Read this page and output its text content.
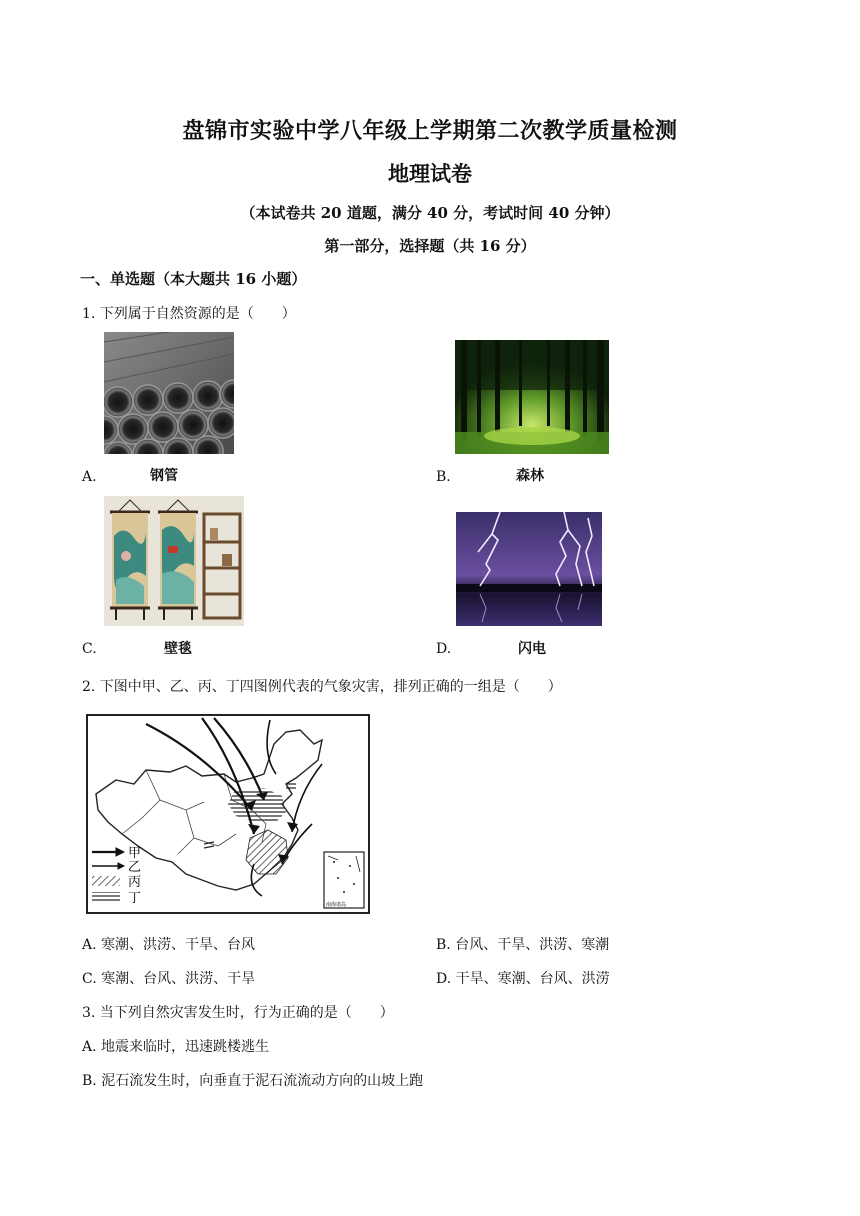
盘锦市实验中学八年级上学期第二次教学质量检测
地理试卷
（本试卷共 20 道题，满分 40 分，考试时间 40 分钟）
第一部分，选择题（共 16 分）
一、单选题（本大题共 16 小题）
1. 下列属于自然资源的是（　　）
A.	钢管	B.	森林
C.	壁毯	D.	闪电
2. 下图中甲、乙、丙、丁四图例代表的气象灾害，排列正确的一组是（　　）
甲
乙
丙
丁	南海诸岛
A. 寒潮、洪涝、干旱、台风	B. 台风、干旱、洪涝、寒潮
C. 寒潮、台风、洪涝、干旱	D. 干旱、寒潮、台风、洪涝
3. 当下列自然灾害发生时，行为正确的是（　　）
A. 地震来临时，迅速跳楼逃生
B. 泥石流发生时，向垂直于泥石流流动方向的山坡上跑
